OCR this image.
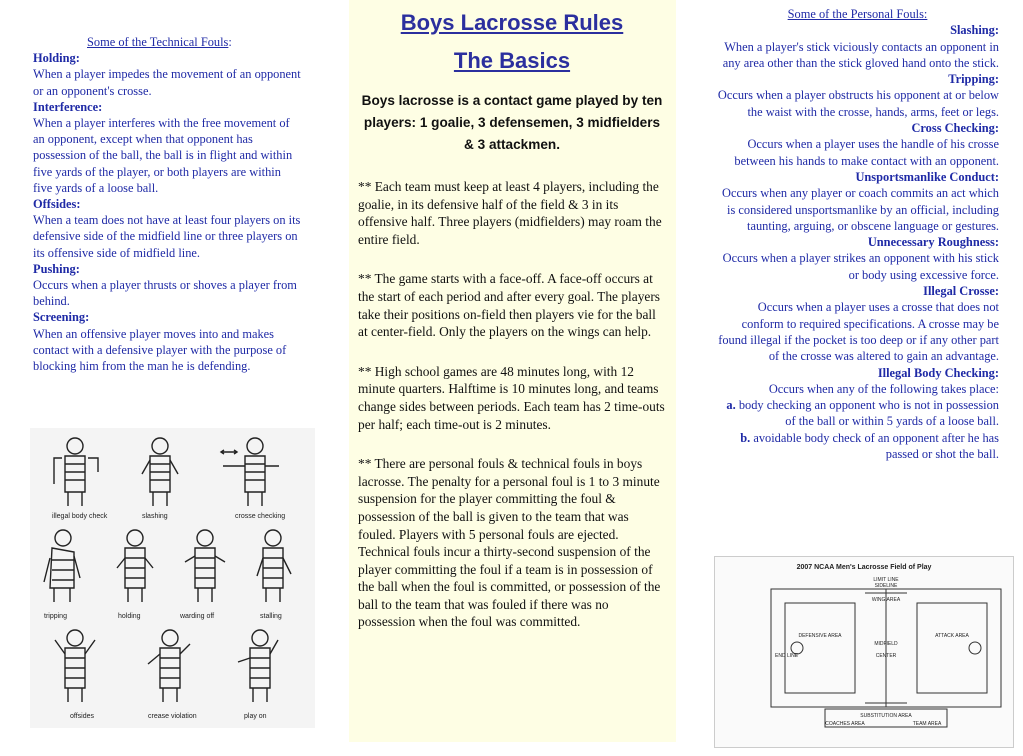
Some of the Technical Fouls:

Holding:

When a player impedes the movement of an opponent or an opponent's crosse.

Interference:

When a player interferes with the free movement of an opponent, except when that opponent has possession of the ball, the ball is in flight and within five yards of the player, or both players are within five yards of a loose ball.

Offsides:

When a team does not have at least four players on its defensive side of the midfield line or three players on its offensive side of midfield line.

Pushing:

Occurs when a player thrusts or shoves a player from behind.

Screening:

When an offensive player moves into and makes contact with a defensive player with the purpose of blocking him from the man he is defending.

illegal body check	slashing	crosse checking
tripping	holding	warding off	stalling
offsides	crease violation	play on
Boys Lacrosse Rules
The Basics

Boys lacrosse is a contact game played by ten players: 1 goalie, 3 defensemen, 3 midfielders & 3 attackmen.

** Each team must keep at least 4 players, including the goalie, in its defensive half of the field & 3 in its offensive half. Three players (midfielders) may roam the entire field.

** The game starts with a face-off. A face-off occurs at the start of each period and after every goal. The players take their positions on-field then players vie for the ball at center-field. Only the players on the wings can help.

** High school games are 48 minutes long, with 12 minute quarters. Halftime is 10 minutes long, and teams change sides between periods. Each team has 2 time-outs per half; each time-out is 2 minutes.

** There are personal fouls & technical fouls in boys lacrosse. The penalty for a personal foul is 1 to 3 minute suspension for the player committing the foul & possession of the ball is given to the team that was fouled. Players with 5 personal fouls are ejected. Technical fouls incur a thirty-second suspension of the player committing the foul if a team is in possession of the ball when the foul is committed, or possession of the ball to the team that was fouled if there was no possession when the foul was committed.

Some of the Personal Fouls:
Slashing:
When a player's stick viciously contacts an opponent in any area other than the stick gloved hand onto the stick.
Tripping:
Occurs when a player obstructs his opponent at or below the waist with the crosse, hands, arms, feet or legs.
Cross Checking:
Occurs when a player uses the handle of his crosse between his hands to make contact with an opponent.
Unsportsmanlike Conduct:
Occurs when any player or coach commits an act which is considered unsportsmanlike by an official, including taunting, arguing, or obscene language or gestures.
Unnecessary Roughness:
Occurs when a player strikes an opponent with his stick or body using excessive force.
Illegal Crosse:
Occurs when a player uses a crosse that does not conform to required specifications. A crosse may be found illegal if the pocket is too deep or if any other part of the crosse was altered to gain an advantage.
Illegal Body Checking:
Occurs when any of the following takes place:
a. body checking an opponent who is not in possession of the ball or within 5 yards of a loose ball.
b. avoidable body check of an opponent after he has passed or shot the ball.
2007 NCAA Men's Lacrosse Field of Play
LIMIT LINE
SIDELINE
WING AREA
DEFENSIVE AREA
MIDFIELD
ATTACK AREA
END LINE	CENTER
SUBSTITUTION AREA
COACHES AREA	TEAM AREA
